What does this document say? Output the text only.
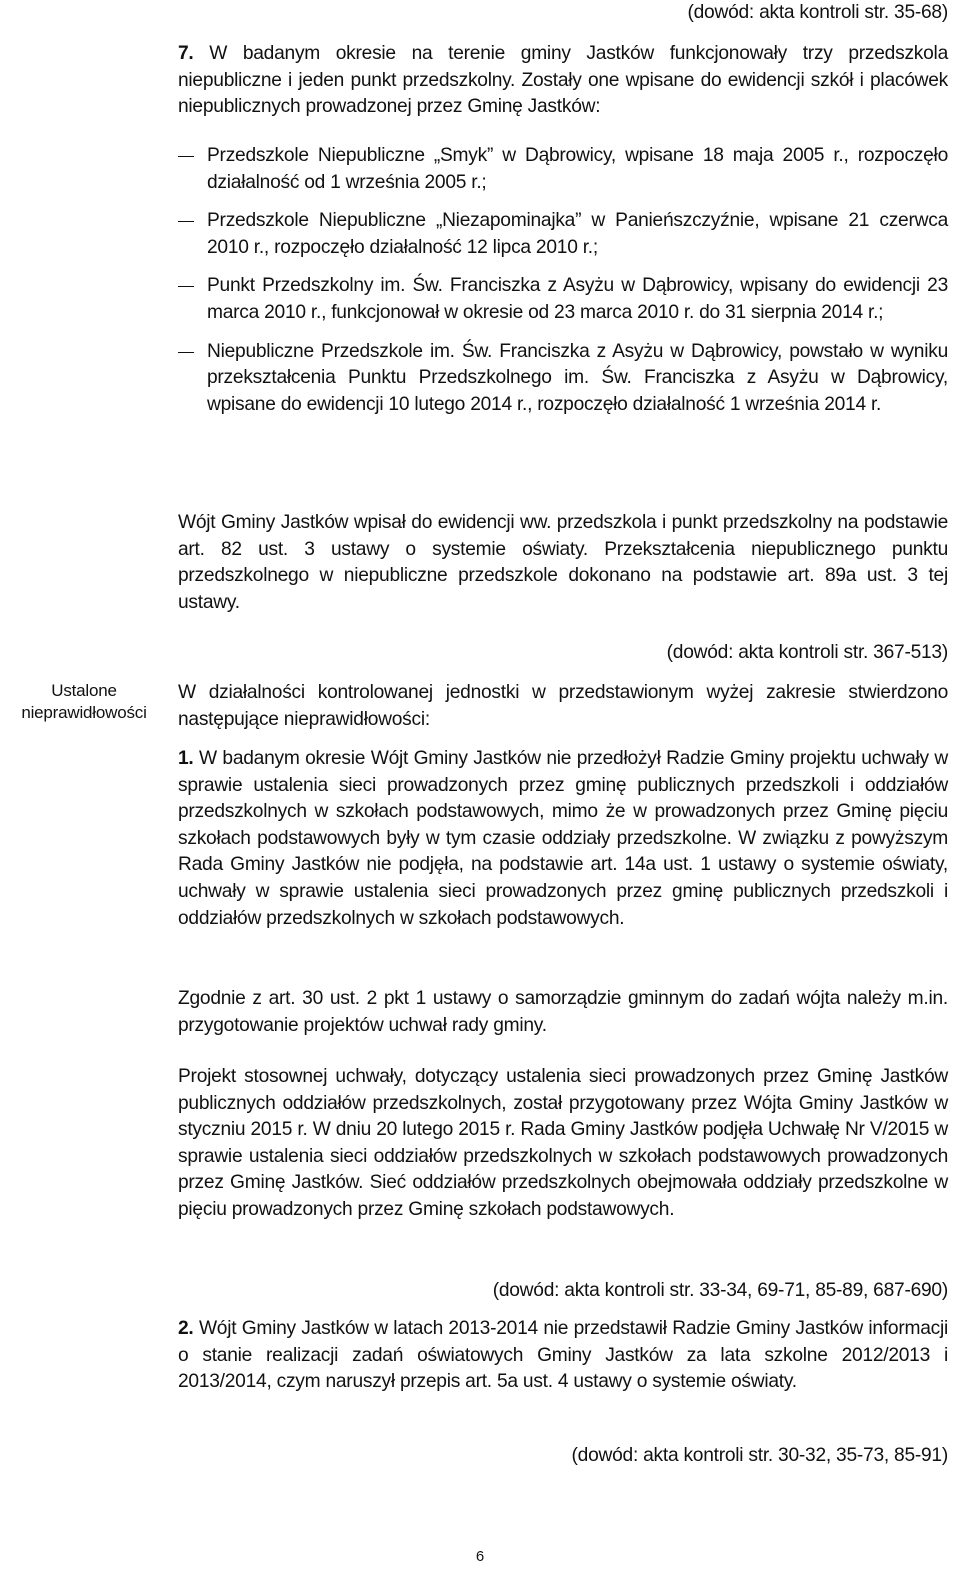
(dowód: akta kontroli str. 35-68)
7. W badanym okresie na terenie gminy Jastków funkcjonowały trzy przedszkola niepubliczne i jeden punkt przedszkolny. Zostały one wpisane do ewidencji szkół i placówek niepublicznych prowadzonej przez Gminę Jastków:
Przedszkole Niepubliczne „Smyk” w Dąbrowicy, wpisane 18 maja 2005 r., rozpoczęło działalność od 1 września 2005 r.;
Przedszkole Niepubliczne „Niezapominajka” w Panieńszczyźnie, wpisane 21 czerwca 2010 r., rozpoczęło działalność 12 lipca 2010 r.;
Punkt Przedszkolny im. Św. Franciszka z Asyżu w Dąbrowicy, wpisany do ewidencji 23 marca 2010 r., funkcjonował w okresie od 23 marca 2010 r. do 31 sierpnia 2014 r.;
Niepubliczne Przedszkole im. Św. Franciszka z Asyżu w Dąbrowicy, powstało w wyniku przekształcenia Punktu Przedszkolnego im. Św. Franciszka z Asyżu w Dąbrowicy, wpisane do ewidencji 10 lutego 2014 r., rozpoczęło działalność 1 września 2014 r.
Wójt Gminy Jastków wpisał do ewidencji ww. przedszkola i punkt przedszkolny na podstawie art. 82 ust. 3 ustawy o systemie oświaty. Przekształcenia niepublicznego punktu przedszkolnego w niepubliczne przedszkole dokonano na podstawie art. 89a ust. 3 tej ustawy.
(dowód: akta kontroli str. 367-513)
Ustalone nieprawidłowości
W działalności kontrolowanej jednostki w przedstawionym wyżej zakresie stwierdzono następujące nieprawidłowości:
1. W badanym okresie Wójt Gminy Jastków nie przedłożył Radzie Gminy projektu uchwały w sprawie ustalenia sieci prowadzonych przez gminę publicznych przedszkoli i oddziałów przedszkolnych w szkołach podstawowych, mimo że w prowadzonych przez Gminę pięciu szkołach podstawowych były w tym czasie oddziały przedszkolne. W związku z powyższym Rada Gminy Jastków nie podjęła, na podstawie art. 14a ust. 1 ustawy o systemie oświaty, uchwały w sprawie ustalenia sieci prowadzonych przez gminę publicznych przedszkoli i oddziałów przedszkolnych w szkołach podstawowych.
Zgodnie z art. 30 ust. 2 pkt 1 ustawy o samorządzie gminnym do zadań wójta należy m.in. przygotowanie projektów uchwał rady gminy.
Projekt stosownej uchwały, dotyczący ustalenia sieci prowadzonych przez Gminę Jastków publicznych oddziałów przedszkolnych, został przygotowany przez Wójta Gminy Jastków w styczniu 2015 r. W dniu 20 lutego 2015 r. Rada Gminy Jastków podjęła Uchwałę Nr V/2015 w sprawie ustalenia sieci oddziałów przedszkolnych w szkołach podstawowych prowadzonych przez Gminę Jastków. Sieć oddziałów przedszkolnych obejmowała oddziały przedszkolne w pięciu prowadzonych przez Gminę szkołach podstawowych.
(dowód: akta kontroli str. 33-34, 69-71, 85-89, 687-690)
2. Wójt Gminy Jastków w latach 2013-2014 nie przedstawił Radzie Gminy Jastków informacji o stanie realizacji zadań oświatowych Gminy Jastków za lata szkolne 2012/2013 i 2013/2014, czym naruszył przepis art. 5a ust. 4 ustawy o systemie oświaty.
(dowód: akta kontroli str. 30-32, 35-73, 85-91)
6
